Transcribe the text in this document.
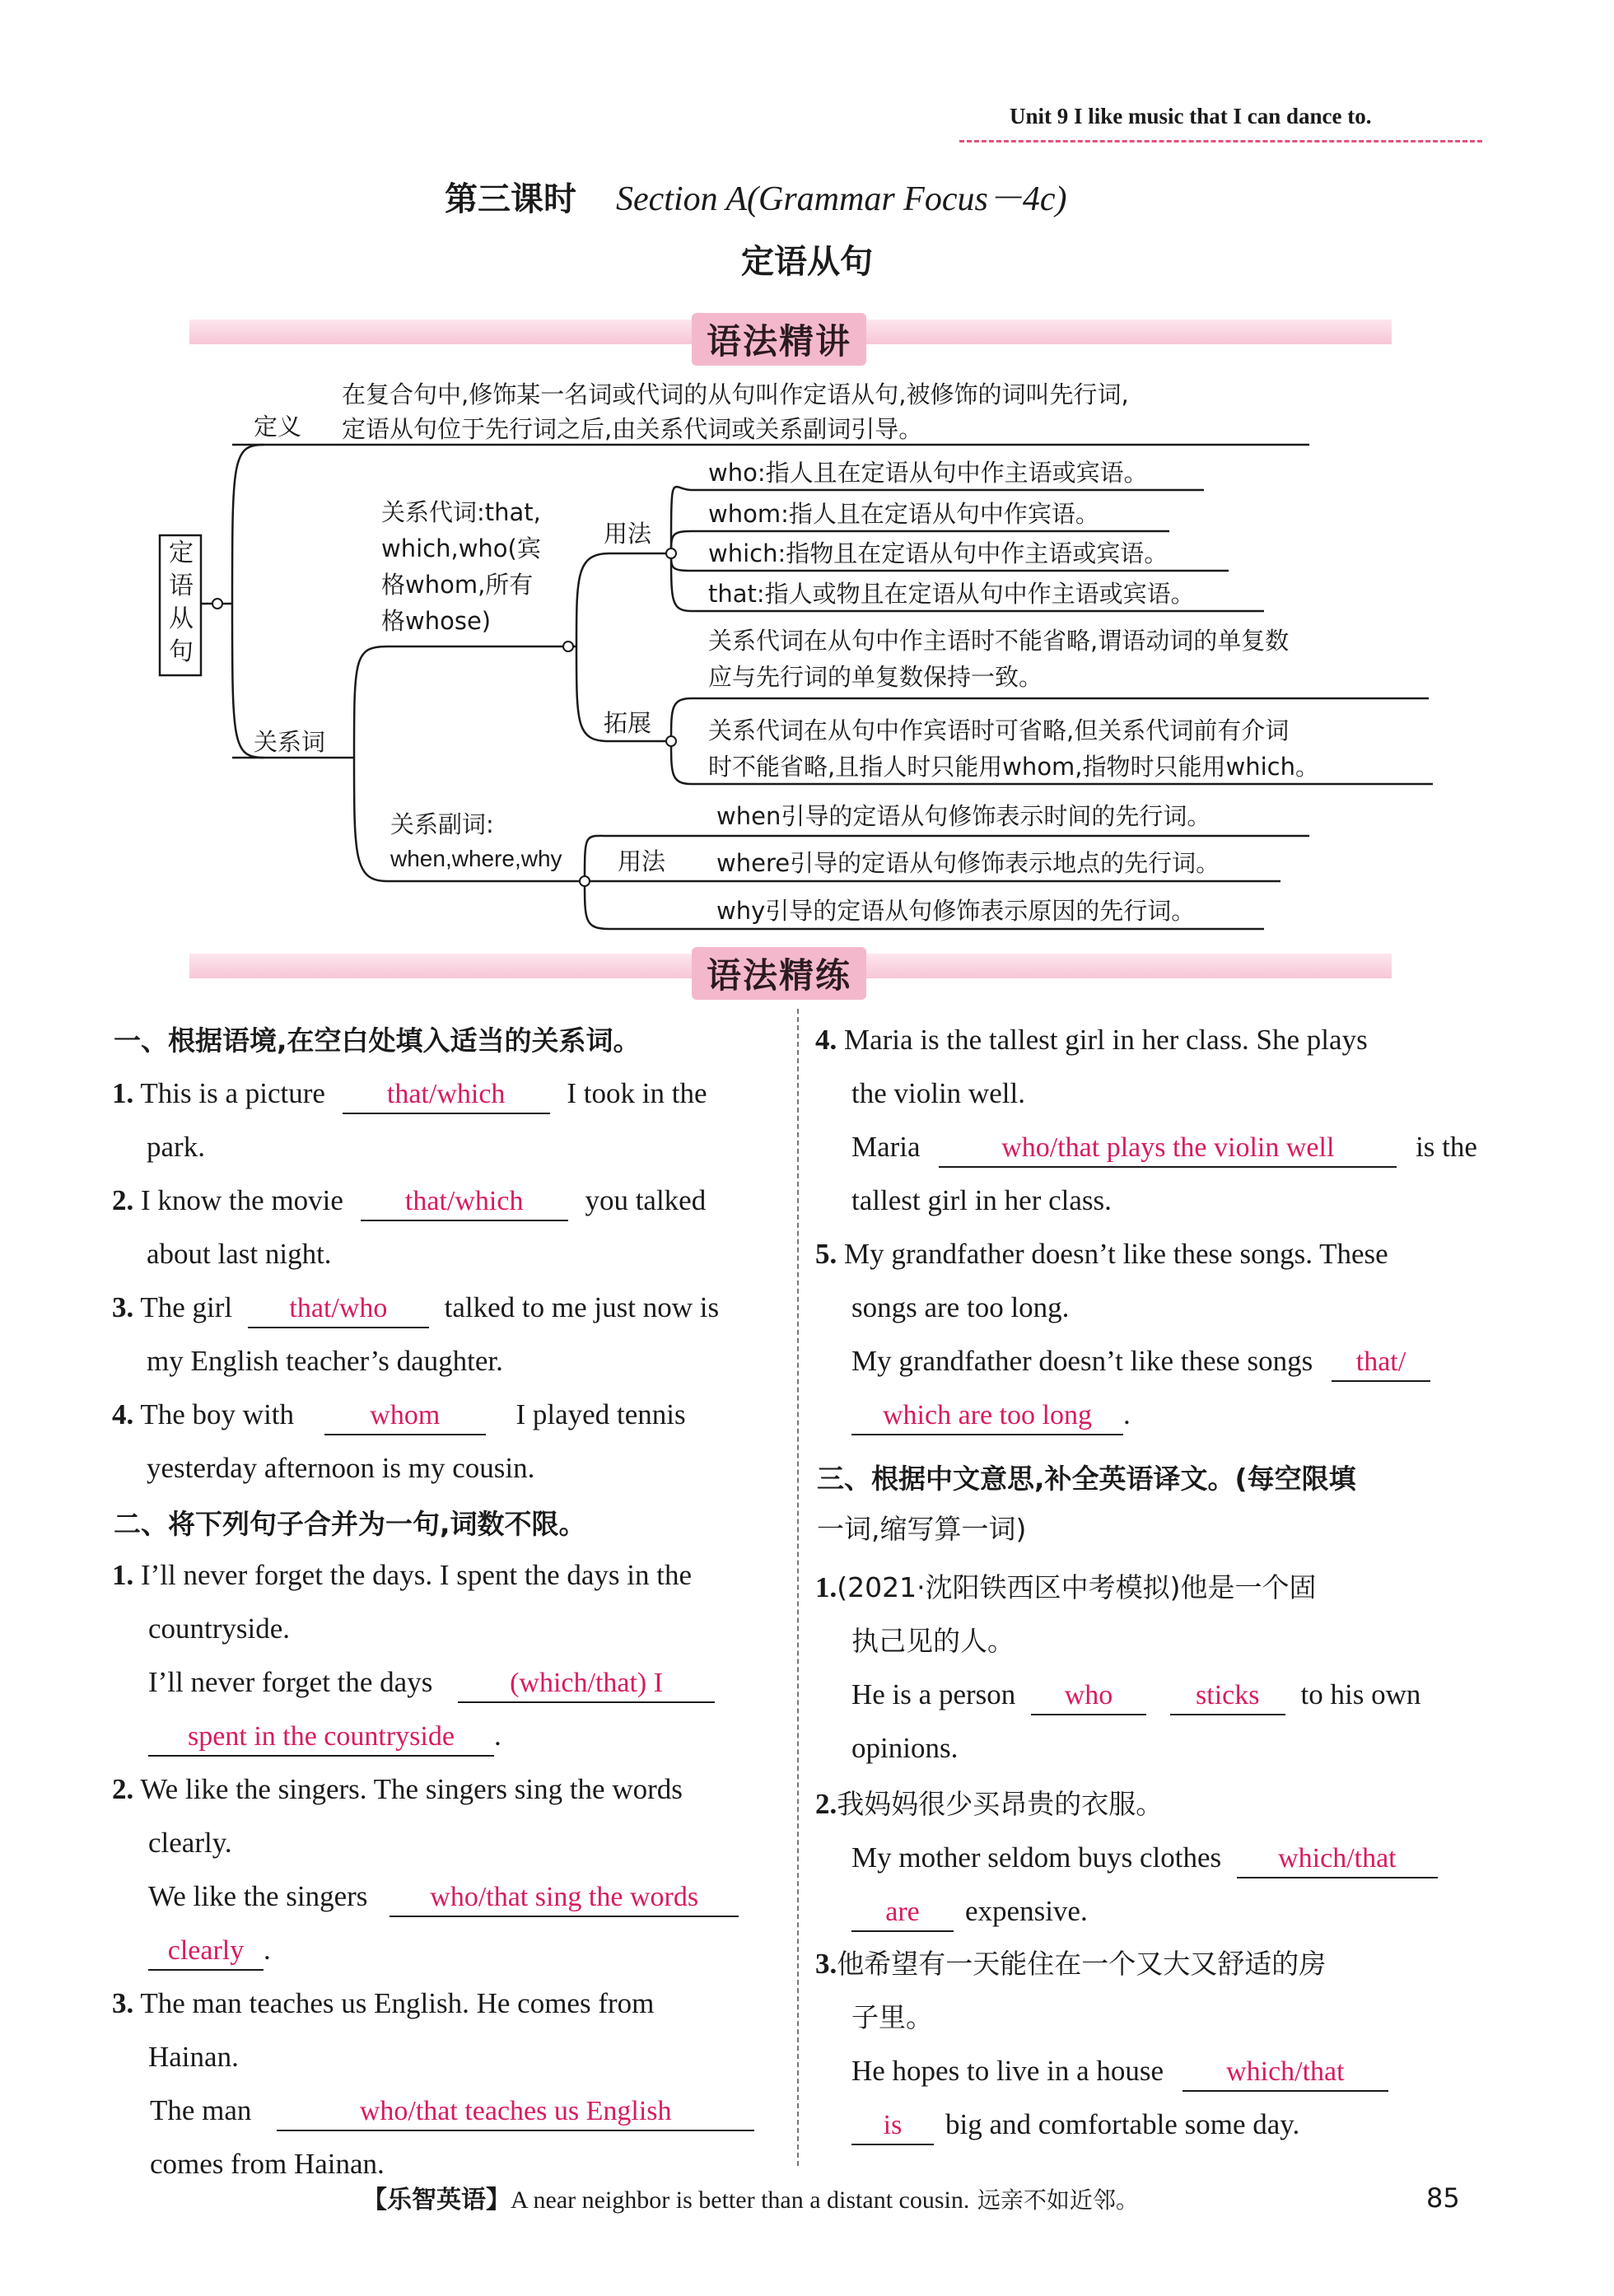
Unit 9 I like music that I can dance to.
第三课时 Section A(Grammar Focus－4c)
定语从句
语法精讲
定语从句
定义
在复合句中,修饰某一名词或代词的从句叫作定语从句,被修饰的词叫先行词,
定语从句位于先行词之后,由关系代词或关系副词引导。
关系词
关系代词:that,
which,who(宾
格whom,所有
格whose)
用法
who:指人且在定语从句中作主语或宾语。
whom:指人且在定语从句中作宾语。
which:指物且在定语从句中作主语或宾语。
that:指人或物且在定语从句中作主语或宾语。
拓展
关系代词在从句中作主语时不能省略,谓语动词的单复数
应与先行词的单复数保持一致。
关系代词在从句中作宾语时可省略,但关系代词前有介词
时不能省略,且指人时只能用whom,指物时只能用which。
关系副词:
when,where,why 用法
when引导的定语从句修饰表示时间的先行词。
where引导的定语从句修饰表示地点的先行词。
why引导的定语从句修饰表示原因的先行词。
语法精练
一、根据语境,在空白处填入适当的关系词。
1. This is a picture that/which I took in the
park.
2. I know the movie that/which you talked
about last night.
3. The girl that/who talked to me just now is
my English teacher’s daughter.
4. The boy with	whom	I played tennis
yesterday afternoon is my cousin.
二、将下列句子合并为一句,词数不限。
1. I’ll never forget the days. I spent the days in the
countryside.
I’ll never forget the days	(which/that) I
spent in the countryside .
2. We like the singers. The singers sing the words
clearly.
We like the singers who/that sing the words
clearly .
3. The man teaches us English. He comes from
Hainan.
The man	who/that teaches us English
comes from Hainan.
4. Maria is the tallest girl in her class. She plays
the violin well.
Maria	who/that plays the violin well	is the
tallest girl in her class.
5. My grandfather doesn’t like these songs. These
songs are too long.
My grandfather doesn’t like these songs that/
which are too long .
三、根据中文意思,补全英语译文。(每空限填
一词,缩写算一词)
1.(2021·沈阳铁西区中考模拟)他是一个固
执己见的人。
He is a person who	sticks to his own
opinions.
2.我妈妈很少买昂贵的衣服。
My mother seldom buys clothes which/that
are expensive.
3.他希望有一天能住在一个又大又舒适的房
子里。
He hopes to live in a house which/that
is big and comfortable some day.
【乐智英语】A near neighbor is better than a distant cousin. 远亲不如近邻。	85
